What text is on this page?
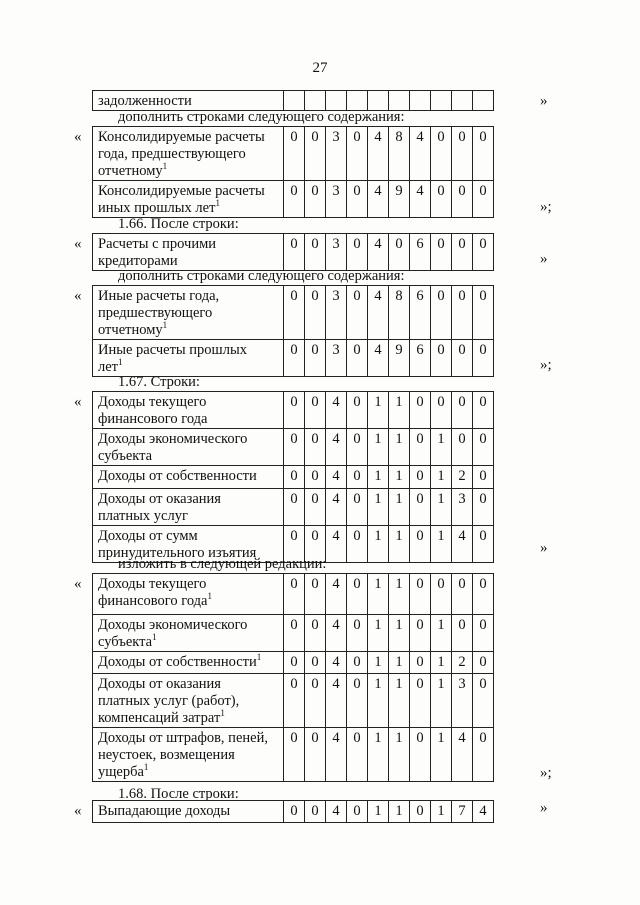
27
»
задолженности

дополнить строками следующего содержания:
«
»;
Консолидируемые расчеты
года, предшествующего
отчетному$^1$	0	0	3	0	4	8	4	0	0	0

Консолидируемые расчеты
иных прошлых лет$^1$	0	0	3	0	4	9	4	0	0	0
1.66. После строки:
«
»
Расчеты с прочими
кредиторами
	0	0	3	0	4	0	6	0	0	0
дополнить строками следующего содержания:
«
»;
Иные расчеты года,
предшествующего
отчетному$^1$	0	0	3	0	4	8	6	0	0	0

Иные расчеты прошлых
лет$^1$	0	0	3	0	4	9	6	0	0	0
1.67. Строки:
«
»
Доходы текущего
финансового года	0	0	4	0	1	1	0	0	0	0

Доходы экономического
субъекта	0	0	4	0	1	1	0	1	0	0

Доходы от собственности	0	0	4	0	1	1	0	1	2	0

Доходы от оказания
платных услуг	0	0	4	0	1	1	0	1	3	0

Доходы от сумм
принудительного изъятия	0	0	4	0	1	1	0	1	4	0
изложить в следующей редакции:
«
»;
Доходы текущего
финансового года$^1$	0	0	4	0	1	1	0	0	0	0

Доходы экономического
субъекта$^1$	0	0	4	0	1	1	0	1	0	0

Доходы от собственности$^1$	0	0	4	0	1	1	0	1	2	0

Доходы от оказания
платных услуг (работ),
компенсаций затрат$^1$	0	0	4	0	1	1	0	1	3	0

Доходы от штрафов, пеней,
неустоек, возмещения
ущерба$^1$	0	0	4	0	1	1	0	1	4	0
1.68. После строки:
«	»
Выпадающие доходы	0	0	4	0	1	1	0	1	7	4
